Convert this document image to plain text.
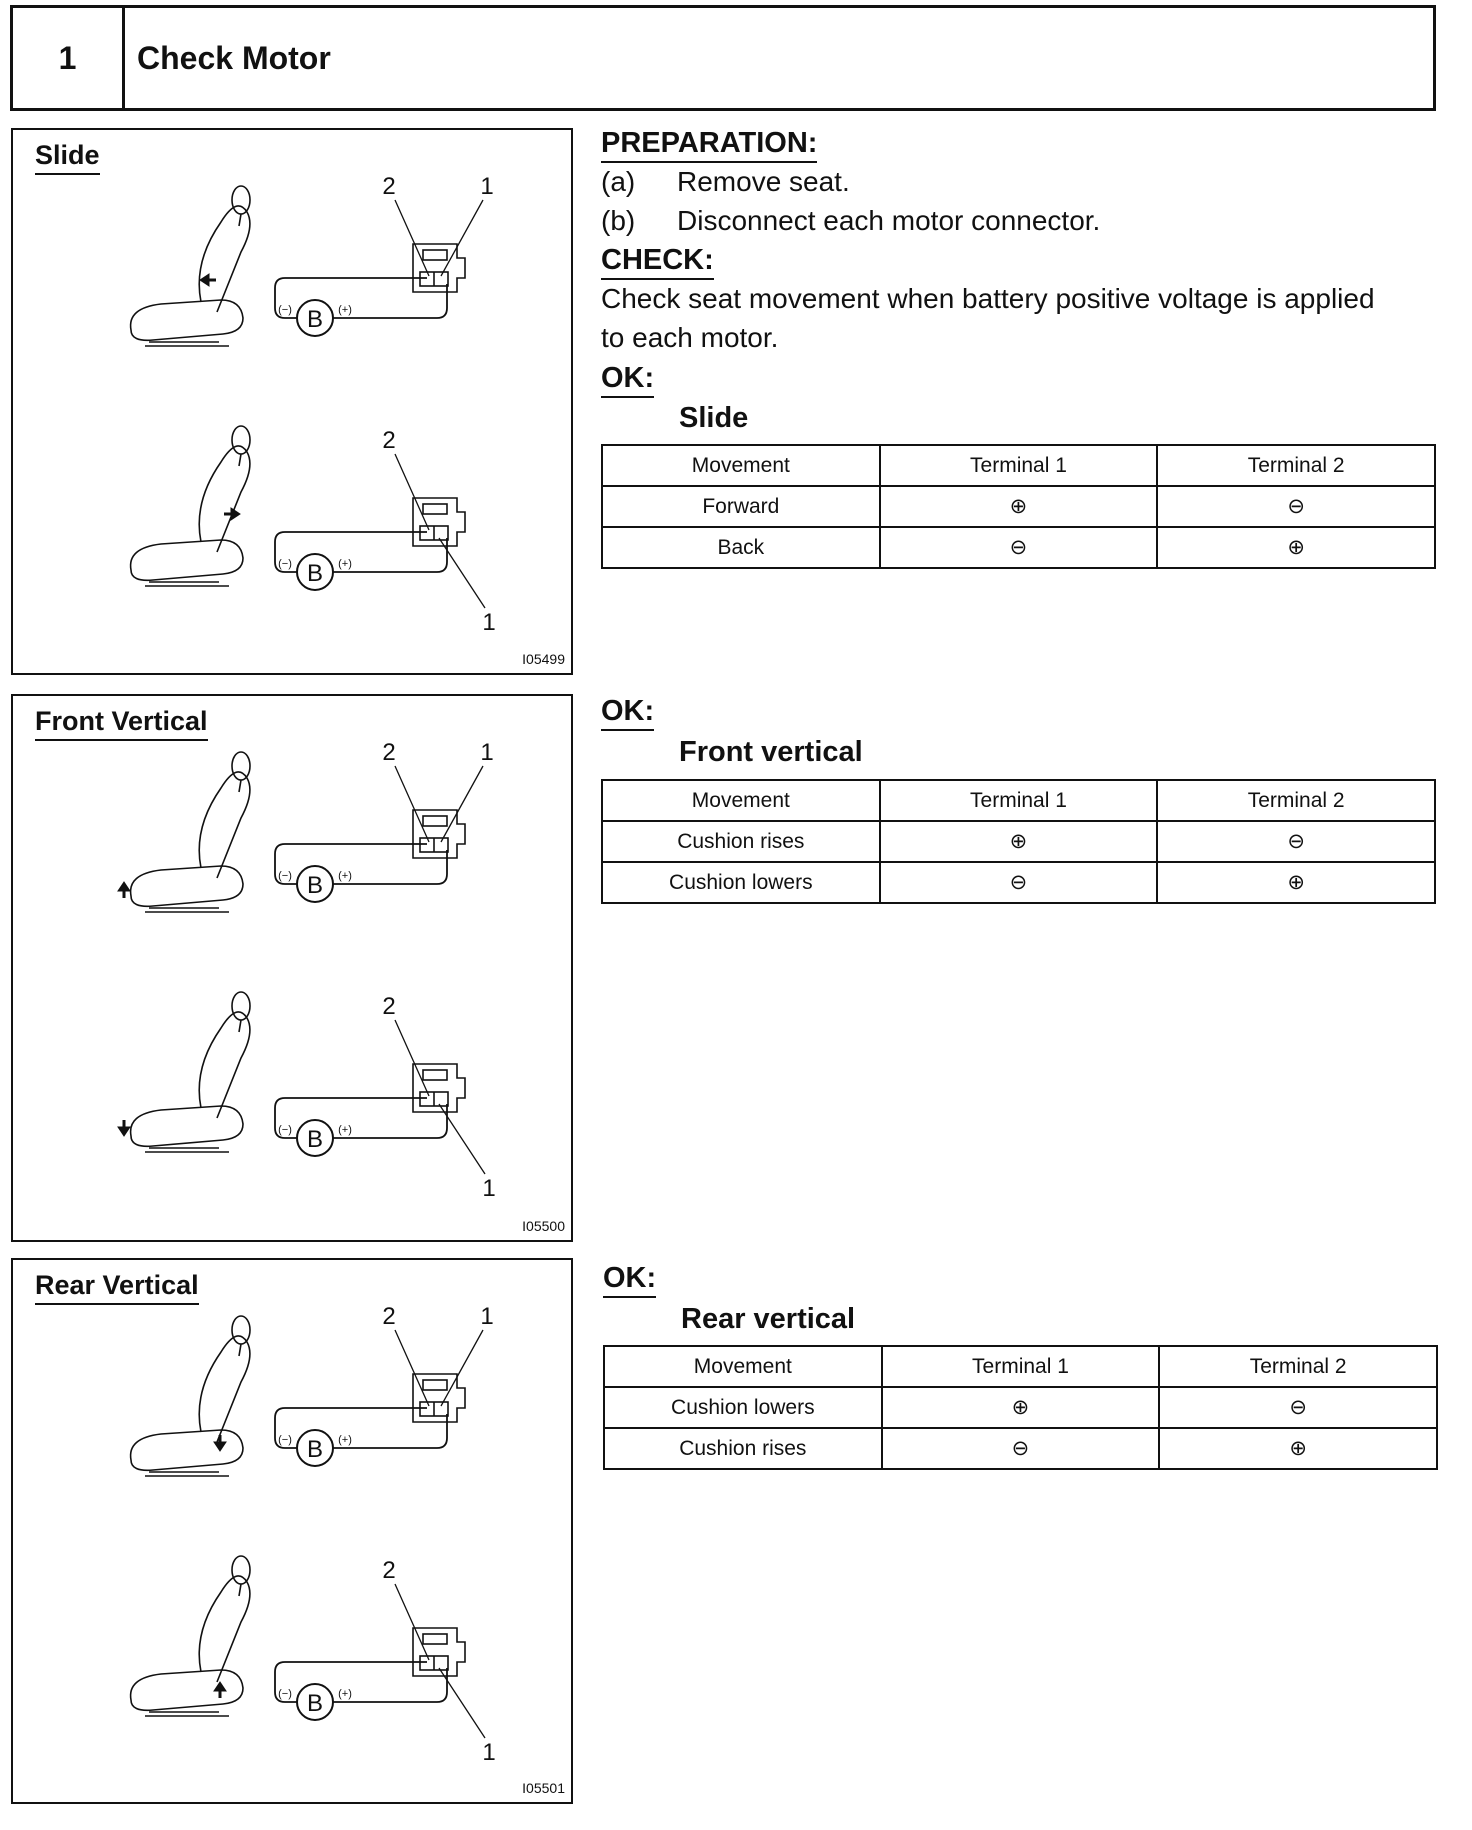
1	Check Motor
B
(−)	(+)
2	1
B
(−)	(+)
2
1
Slide
I05499
B
(−)	(+)
2	1
B
(−)	(+)
2
1
Front Vertical
I05500
B
(−)	(+)
2	1
B
(−)	(+)
2
1
Rear Vertical
I05501
PREPARATION:
(a) Remove seat.
(b) Disconnect each motor connector.
CHECK:
Check seat movement when battery positive voltage is applied
to each motor.
OK:
Slide
Movement	Terminal 1	Terminal 2
Forward	⊕	⊖
Back	⊖	⊕
OK:
Front vertical
Movement	Terminal 1	Terminal 2
Cushion rises	⊕	⊖
Cushion lowers	⊖	⊕
OK:
Rear vertical
Movement	Terminal 1	Terminal 2
Cushion lowers	⊕	⊖
Cushion rises	⊖	⊕
